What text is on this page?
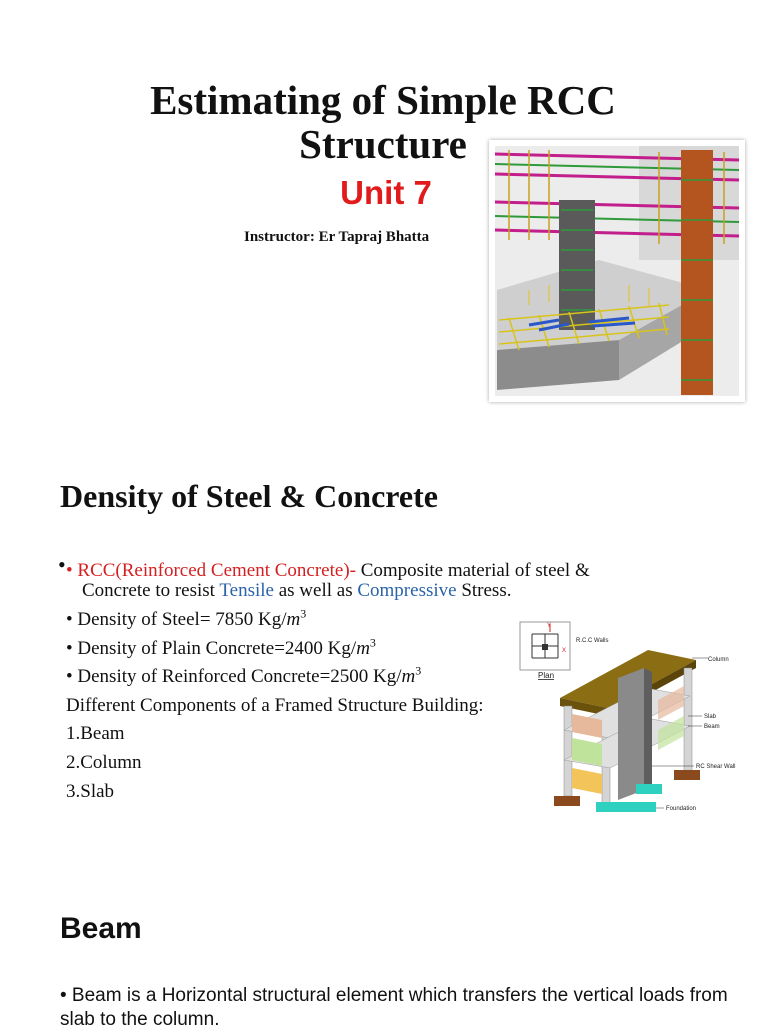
Estimating of Simple RCC Structure
Unit 7
Instructor: Er Tapraj Bhatta
Density of Steel & Concrete
• • RCC(Reinforced Cement Concrete)- Composite material of steel &
Concrete to resist Tensile as well as Compressive Stress.
• Density of Steel= 7850 $Kg/m^3$
• Density of Plain Concrete=2400 $Kg/m^3$
• Density of Reinforced Concrete=2500 $Kg/m^3$
Different Components of a Framed Structure Building:
1.Beam
2.Column
3.Slab
Y
X
Plan
R.C.C Walls
Column
Slab
Beam
RC Shear Wall
Foundation
Beam
• Beam is a Horizontal structural element which transfers the vertical loads from slab to the column.
